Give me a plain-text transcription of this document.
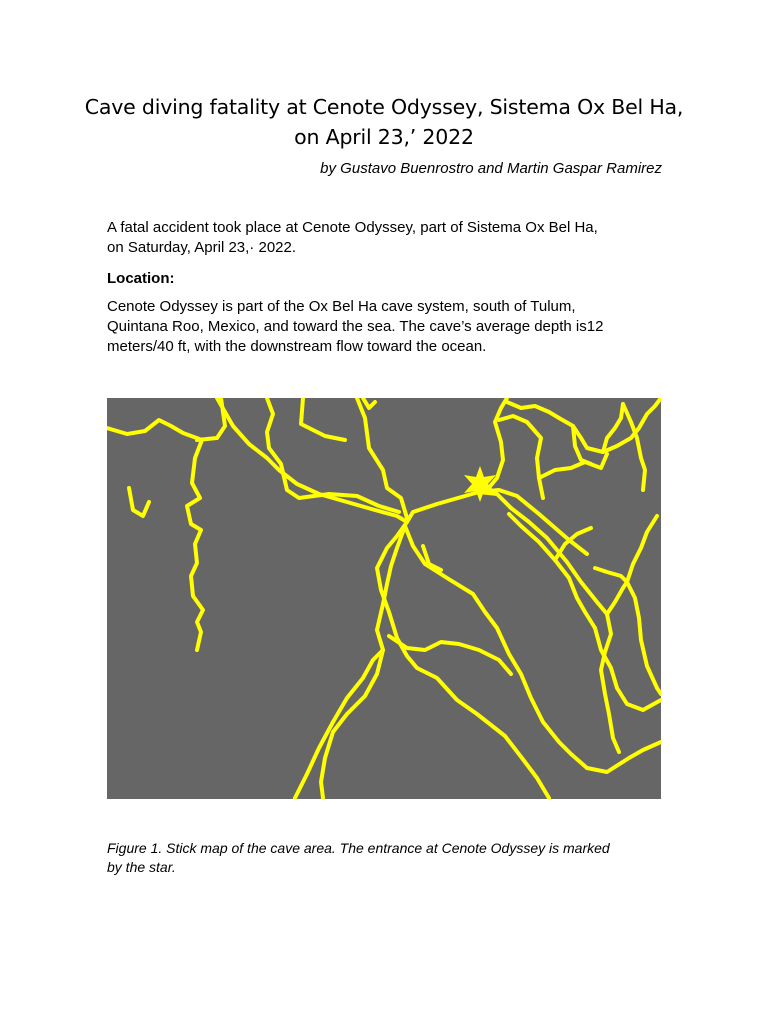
Cave diving fatality at Cenote Odyssey, Sistema Ox Bel Ha,
on April 23,’ 2022
by Gustavo Buenrostro and Martin Gaspar Ramirez
A fatal accident took place at Cenote Odyssey, part of Sistema Ox Bel Ha,
on Saturday, April 23,· 2022.
Location:
Cenote Odyssey is part of the Ox Bel Ha cave system, south of Tulum,
Quintana Roo, Mexico, and toward the sea. The cave’s average depth is12
meters/40 ft, with the downstream flow toward the ocean.
Figure 1. Stick map of the cave area. The entrance at Cenote Odyssey is marked
by the star.
